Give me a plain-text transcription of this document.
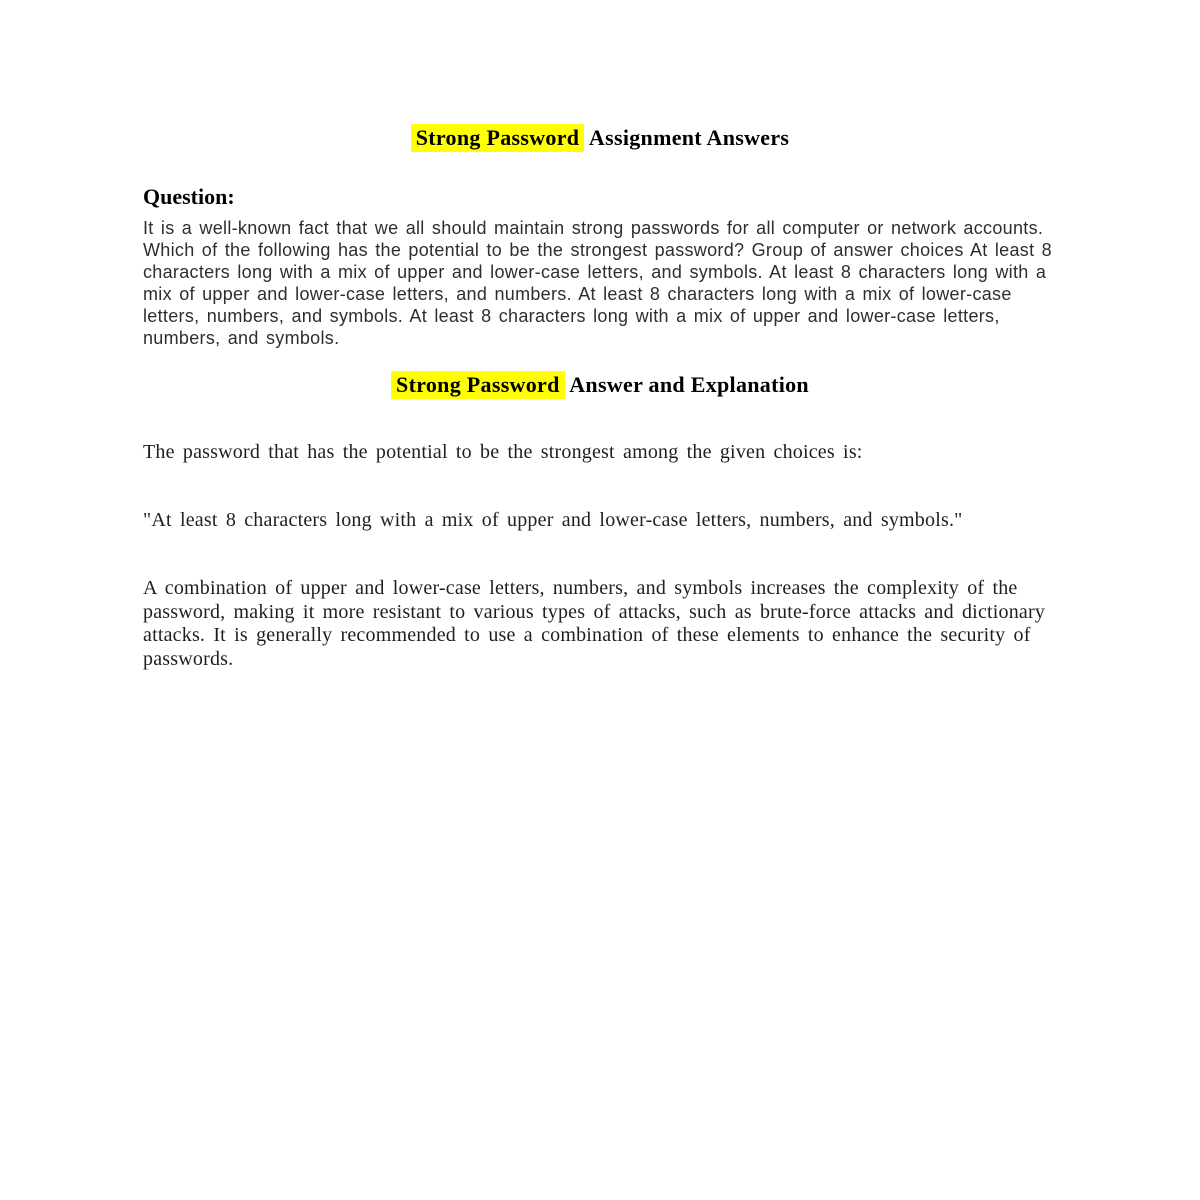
Strong Password Assignment Answers
Question:
It is a well-known fact that we all should maintain strong passwords for all computer or network accounts. Which of the following has the potential to be the strongest password? Group of answer choices At least 8 characters long with a mix of upper and lower-case letters, and symbols. At least 8 characters long with a mix of upper and lower-case letters, and numbers. At least 8 characters long with a mix of lower-case letters, numbers, and symbols. At least 8 characters long with a mix of upper and lower-case letters, numbers, and symbols.
Strong Password Answer and Explanation
The password that has the potential to be the strongest among the given choices is:
"At least 8 characters long with a mix of upper and lower-case letters, numbers, and symbols."
A combination of upper and lower-case letters, numbers, and symbols increases the complexity of the password, making it more resistant to various types of attacks, such as brute-force attacks and dictionary attacks. It is generally recommended to use a combination of these elements to enhance the security of passwords.
